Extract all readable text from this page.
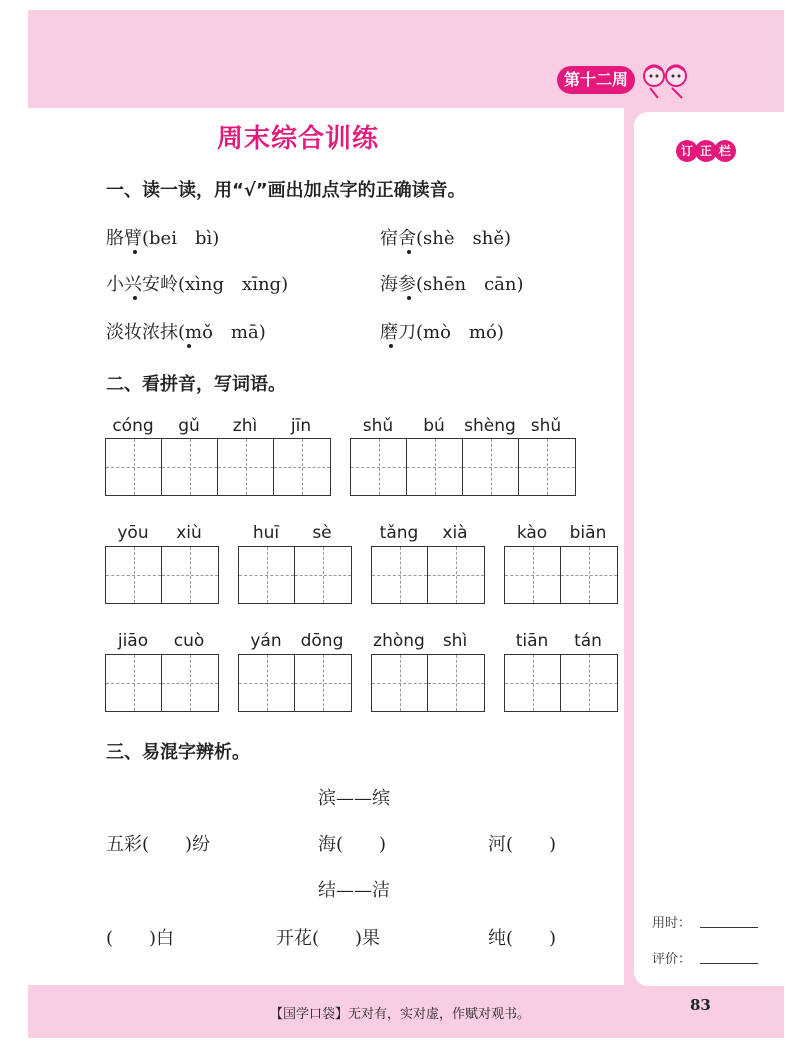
第十二周
周末综合训练
一、读一读，用“√”画出加点字的正确读音。
胳臂(bei　bì)	宿舍(shè　shě)
小兴安岭(xìng　xīng)	海参(shēn　cān)
淡妆浓抹(mǒ　mā)	磨刀(mò　mó)
二、看拼音，写词语。
cóng	gǔ	zhì	jīn	shǔ	bú	shèng shǔ
yōu	xiù	huī	sè	tǎng	xià	kào	biān
jiāo	cuò	yán	dōng	zhòng	shì	tiān	tán
三、易混字辨析。
滨——缤
五彩(　　)纷	海(　　)	河(　　)
结——洁
(　　)白	开花(　　)果	纯(　　)
订 正 栏
用时：
评价：
【国学口袋】无对有，实对虚，作赋对观书。
83
